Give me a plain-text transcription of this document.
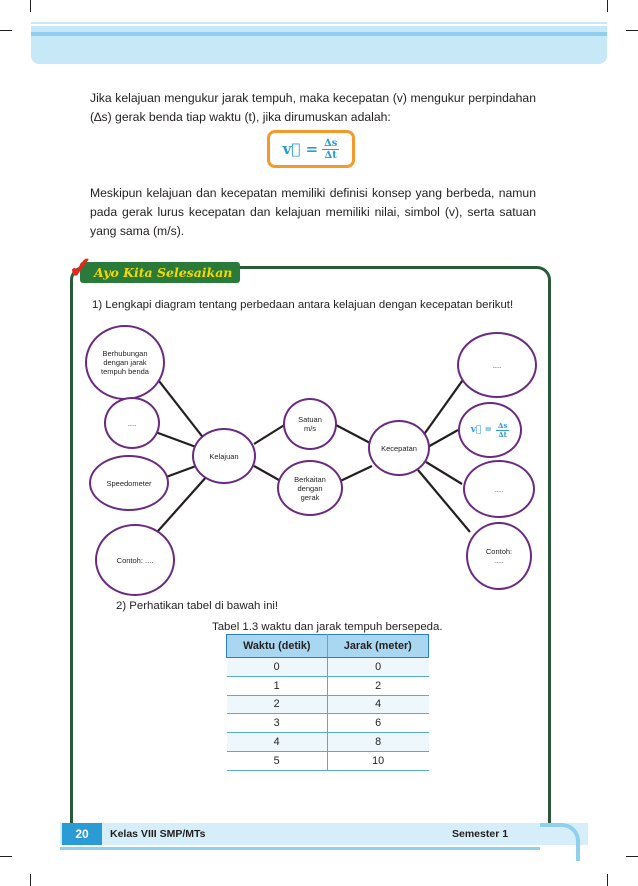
Jika kelajuan mengukur jarak tempuh, maka kecepatan (v) mengukur perpindahan (∆s) gerak benda tiap waktu (t), jika dirumuskan adalah:

v⃗ = $\frac{\Delta s}{\Delta t}$

Meskipun kelajuan dan kecepatan memiliki definisi konsep yang berbeda, namun pada gerak lurus kecepatan dan kelajuan memiliki nilai, simbol (v), serta satuan yang sama (m/s).

Ayo Kita Selesaikan
✓
1) Lengkapi diagram tentang perbedaan antara kelajuan dengan kecepatan berikut!
Berhubungan dengan jarak tempuh benda
....
Speedometer
Contoh: ....
Kelajuan
Satuan m/s
Berkaitan dengan gerak
Kecepatan
....
v⃗ = $\frac{\Delta s}{\Delta t}$
....
Contoh: ....
2) Perhatikan tabel di bawah ini!
Tabel 1.3 waktu dan jarak tempuh bersepeda.
Waktu (detik)	Jarak (meter)
0	0
1	2
2	4
3	6
4	8
5	10
20	Kelas VIII SMP/MTs	Semester 1
